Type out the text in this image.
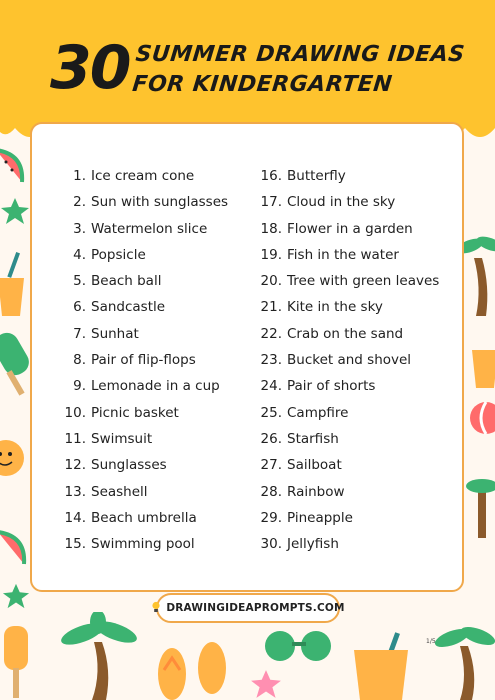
30 SUMMER DRAWING IDEAS
FOR KINDERGARTEN
1. Ice cream cone
2. Sun with sunglasses
3. Watermelon slice
4. Popsicle
5. Beach ball
6. Sandcastle
7. Sunhat
8. Pair of flip-flops
9. Lemonade in a cup
10. Picnic basket
11. Swimsuit
12. Sunglasses
13. Seashell
14. Beach umbrella
15. Swimming pool
16. Butterfly
17. Cloud in the sky
18. Flower in a garden
19. Fish in the water
20. Tree with green leaves
21. Kite in the sky
22. Crab on the sand
23. Bucket and shovel
24. Pair of shorts
25. Campfire
26. Starfish
27. Sailboat
28. Rainbow
29. Pineapple
30. Jellyfish
DRAWINGIDEAPROMPTS.COM
1/5
